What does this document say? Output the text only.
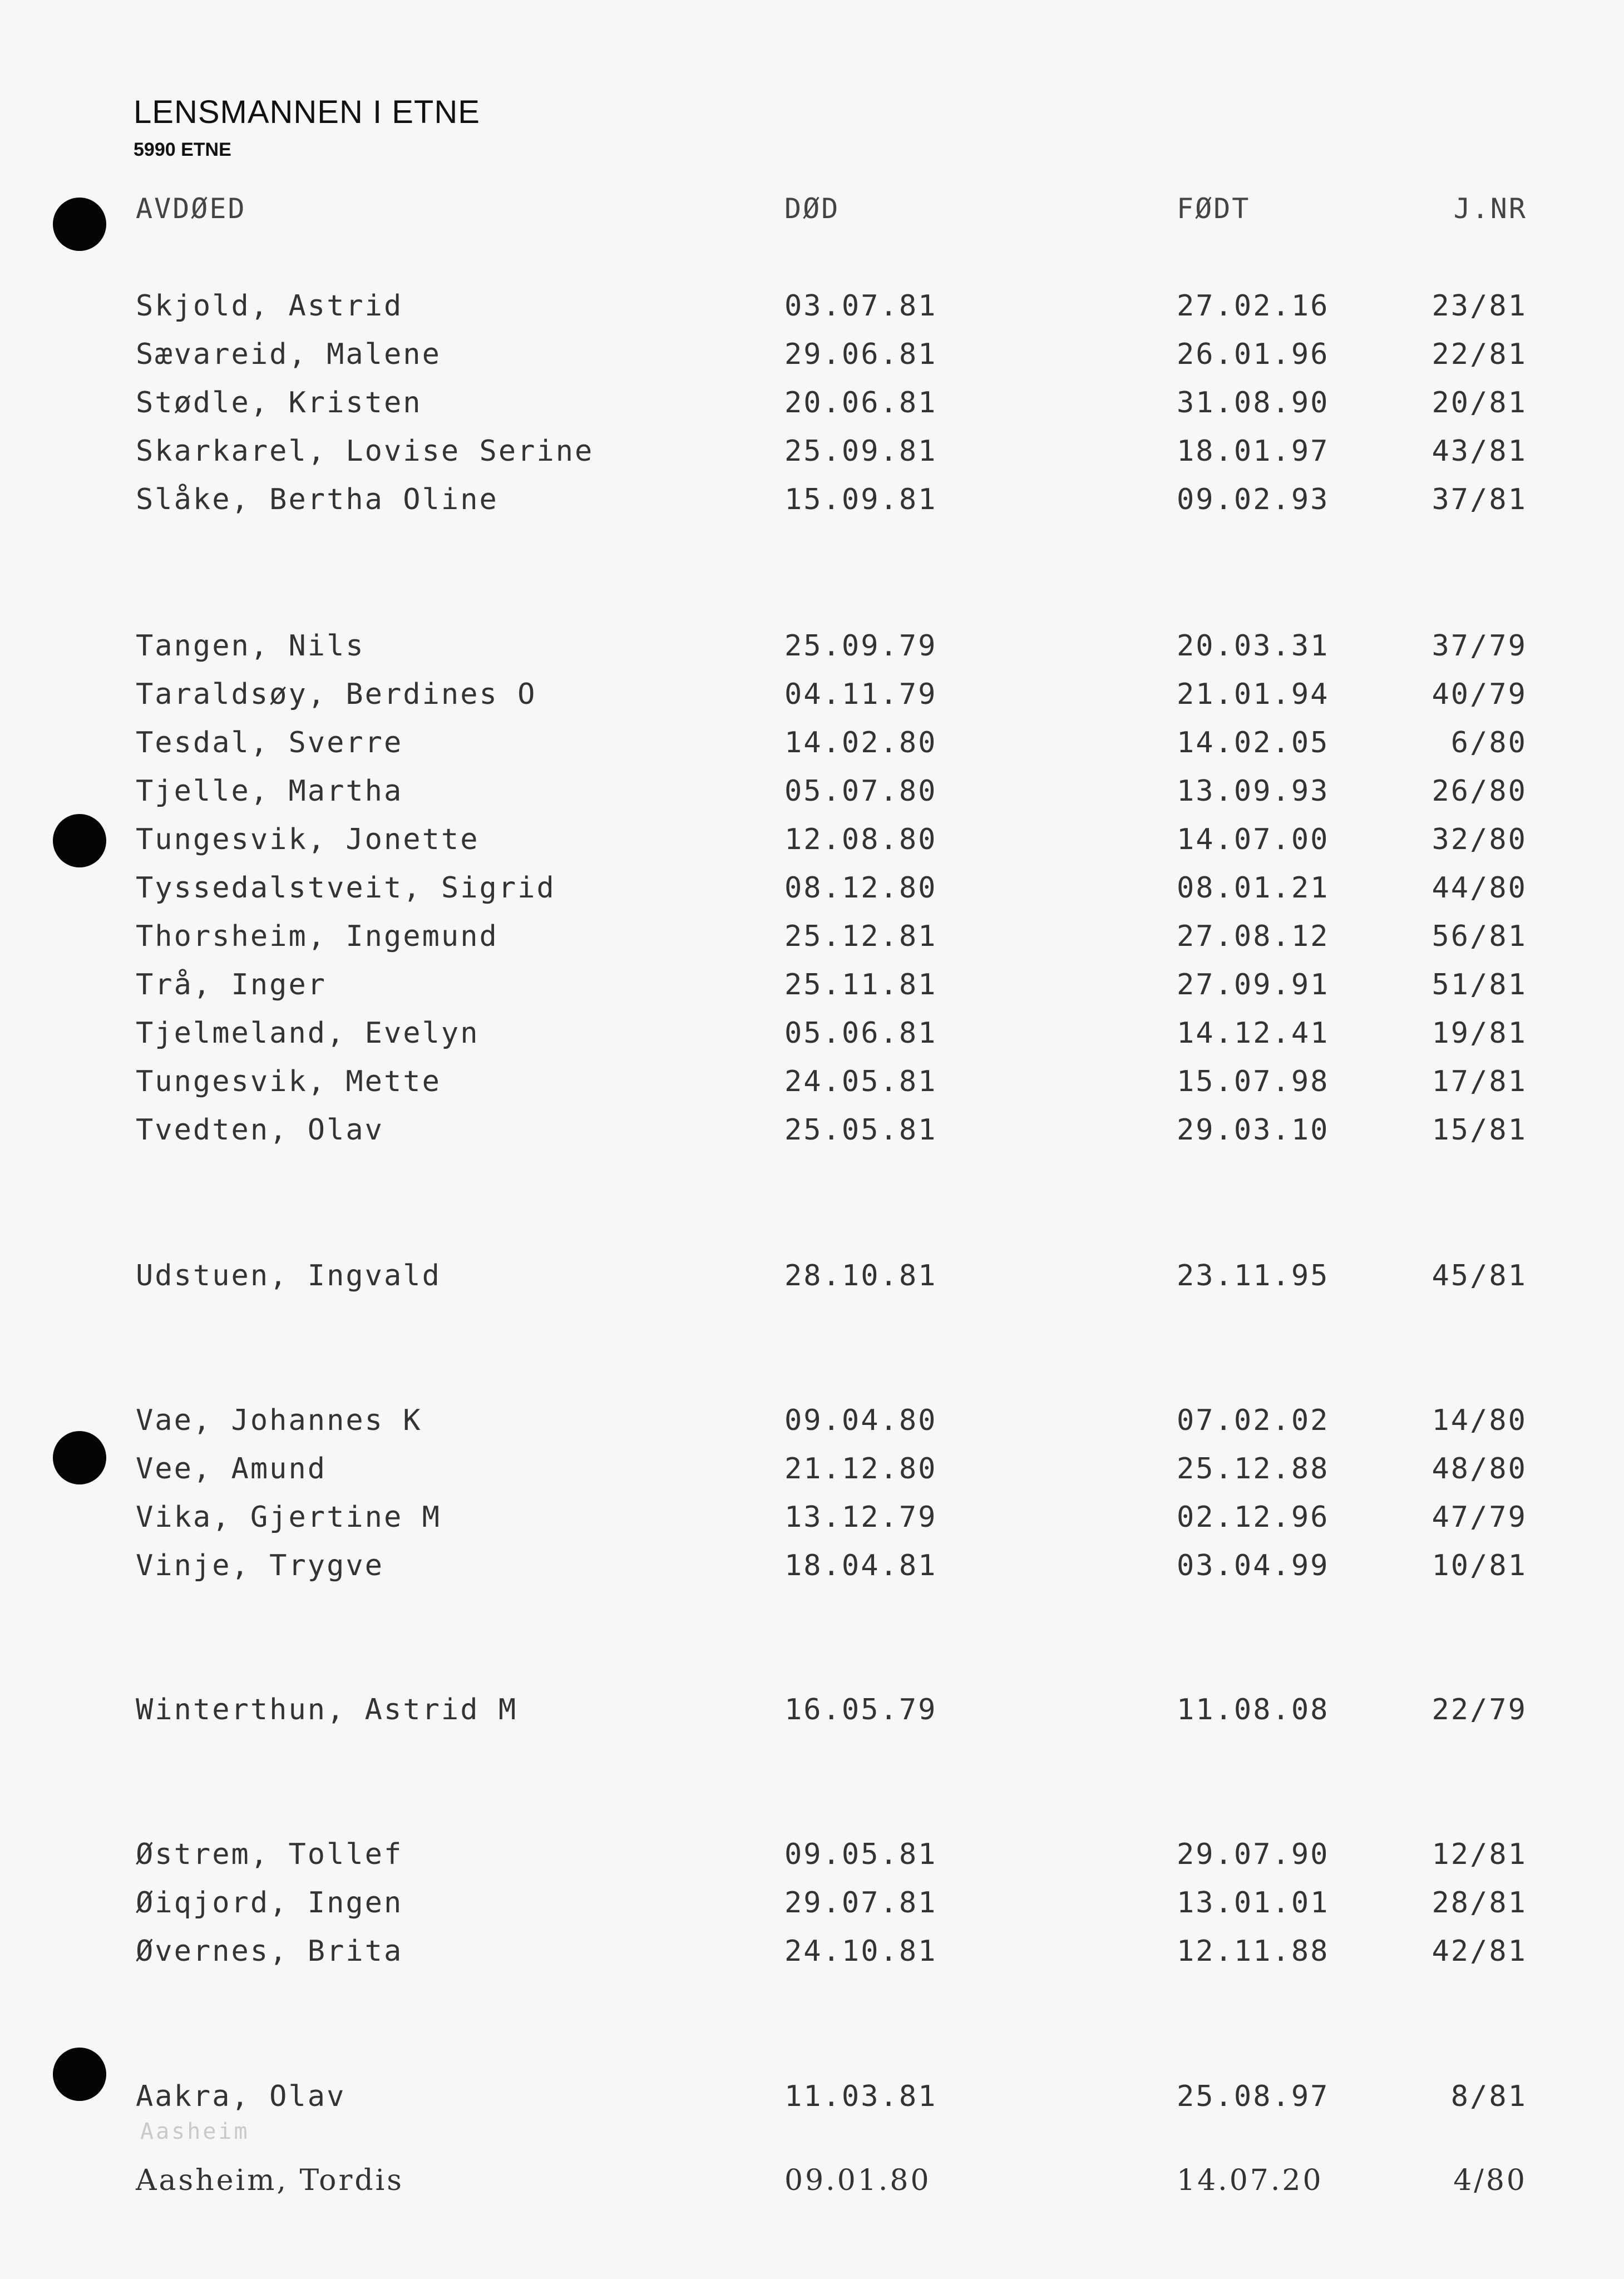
LENSMANNEN I ETNE
5990 ETNE
AVDØED	DØD	FØDT	J.NR
Skjold, Astrid	03.07.81	27.02.16	23/81
Sævareid, Malene	29.06.81	26.01.96	22/81
Stødle, Kristen	20.06.81	31.08.90	20/81
Skarkarel, Lovise Serine	25.09.81	18.01.97	43/81
Slåke, Bertha Oline	15.09.81	09.02.93	37/81
Tangen, Nils	25.09.79	20.03.31	37/79
Taraldsøy, Berdines O	04.11.79	21.01.94	40/79
Tesdal, Sverre	14.02.80	14.02.05	6/80
Tjelle, Martha	05.07.80	13.09.93	26/80
Tungesvik, Jonette	12.08.80	14.07.00	32/80
Tyssedalstveit, Sigrid	08.12.80	08.01.21	44/80
Thorsheim, Ingemund	25.12.81	27.08.12	56/81
Trå, Inger	25.11.81	27.09.91	51/81
Tjelmeland, Evelyn	05.06.81	14.12.41	19/81
Tungesvik, Mette	24.05.81	15.07.98	17/81
Tvedten, Olav	25.05.81	29.03.10	15/81
Udstuen, Ingvald	28.10.81	23.11.95	45/81
Vae, Johannes K	09.04.80	07.02.02	14/80
Vee, Amund	21.12.80	25.12.88	48/80
Vika, Gjertine M	13.12.79	02.12.96	47/79
Vinje, Trygve	18.04.81	03.04.99	10/81
Winterthun, Astrid M	16.05.79	11.08.08	22/79
Østrem, Tollef	09.05.81	29.07.90	12/81
Øiqjord, Ingen	29.07.81	13.01.01	28/81
Øvernes, Brita	24.10.81	12.11.88	42/81
Aakra, Olav	11.03.81	25.08.97	8/81
Aasheim
Aasheim, Tordis	09.01.80	14.07.20	4/80
